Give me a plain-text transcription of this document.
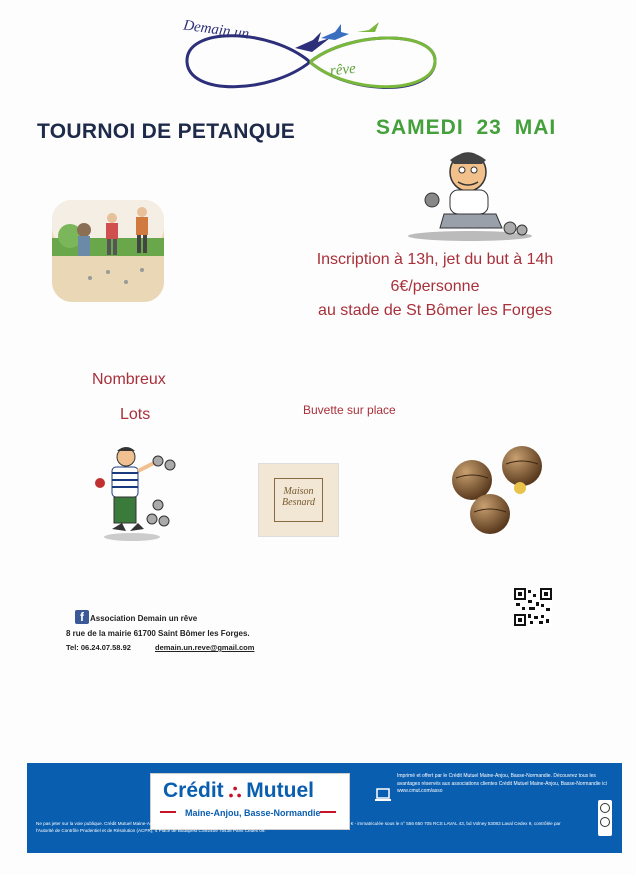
Demain un
rêve
TOURNOI DE PETANQUE	SAMEDI 23 MAI
Inscription à 13h, jet du but à 14h
6€/personne
au stade de St Bômer les Forges
Nombreux
Lots	Buvette sur place
Maison
Besnard
f Association Demain un rêve
8 rue de la mairie 61700 Saint Bômer les Forges.
Tel: 06.24.07.58.92	demain.un.reve@gmail.com
Crédit ⛬ Mutuel
Maine-Anjou, Basse-Normandie
Imprimé et offert par le Crédit Mutuel Maine-Anjou, Basse-Normandie. Découvrez tous les avantages réservés aux associations clientes Crédit Mutuel Maine-Anjou, Basse-Normandie ici www.cmut.com/asso
Ne pas jeter sur la voie publique. Crédit Mutuel Maine-Anjou et Basse-Normandie. Société coopérative anonyme à capital variable, capital initial de 38 112 € - immatriculée sous le n° 556 650 705 RCS LAVAL 43, bd Volney 53083 Laval Cedex 9, contrôlée par l'Autorité de Contrôle Prudentiel et de Résolution (ACPR), 4 Place de Budapest CS92459 75436 Paris Cedex 09.
